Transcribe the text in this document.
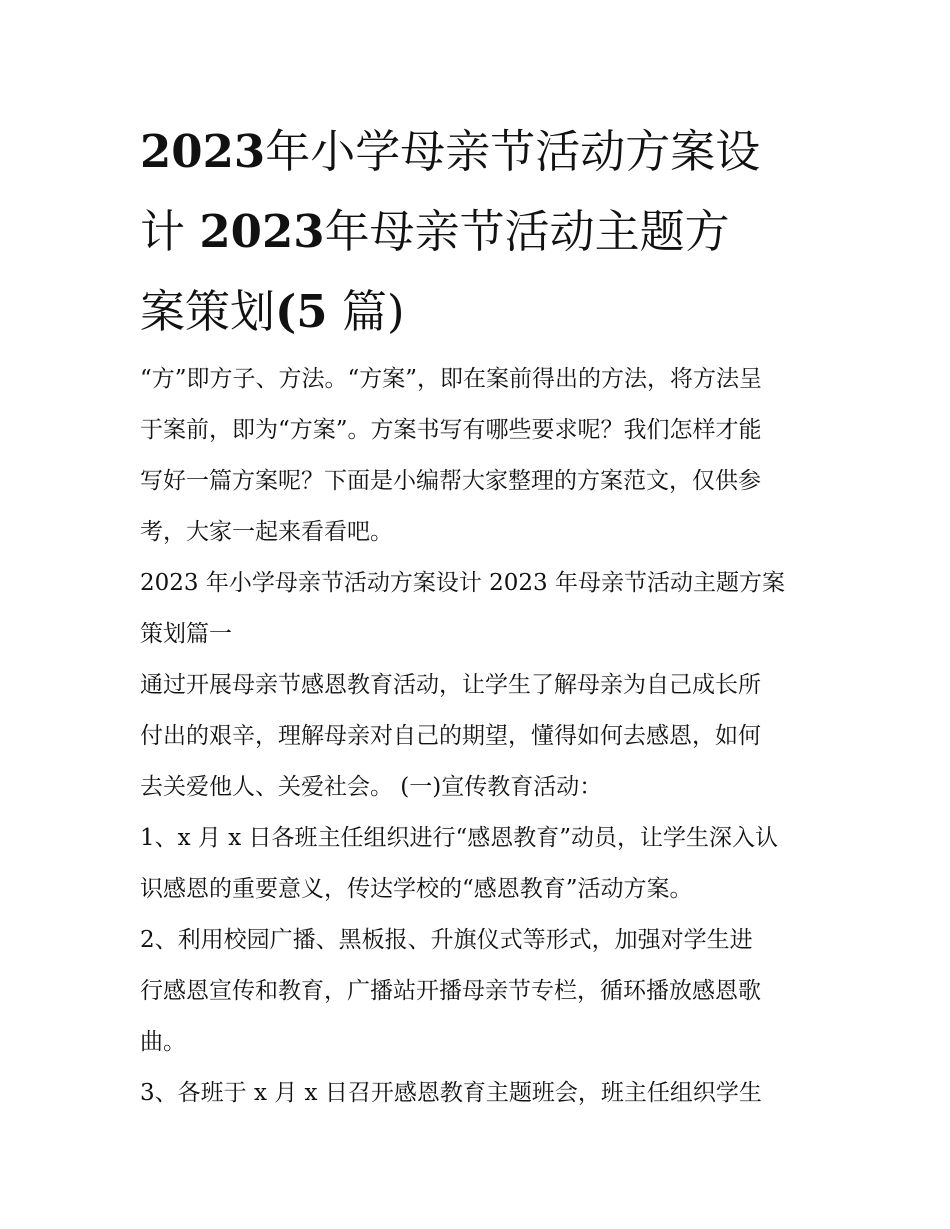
2023年小学母亲节活动方案设
计 2023年母亲节活动主题方
案策划(5 篇)
“方”即方子、方法。“方案”，即在案前得出的方法，将方法呈
于案前，即为“方案”。方案书写有哪些要求呢？我们怎样才能
写好一篇方案呢？下面是小编帮大家整理的方案范文，仅供参
考，大家一起来看看吧。
2023 年小学母亲节活动方案设计 2023 年母亲节活动主题方案
策划篇一
通过开展母亲节感恩教育活动，让学生了解母亲为自己成长所
付出的艰辛，理解母亲对自己的期望，懂得如何去感恩，如何
去关爱他人、关爱社会。 (一)宣传教育活动：
1、x 月 x 日各班主任组织进行“感恩教育”动员，让学生深入认
识感恩的重要意义，传达学校的“感恩教育”活动方案。
2、利用校园广播、黑板报、升旗仪式等形式，加强对学生进
行感恩宣传和教育，广播站开播母亲节专栏，循环播放感恩歌
曲。
3、各班于 x 月 x 日召开感恩教育主题班会，班主任组织学生
